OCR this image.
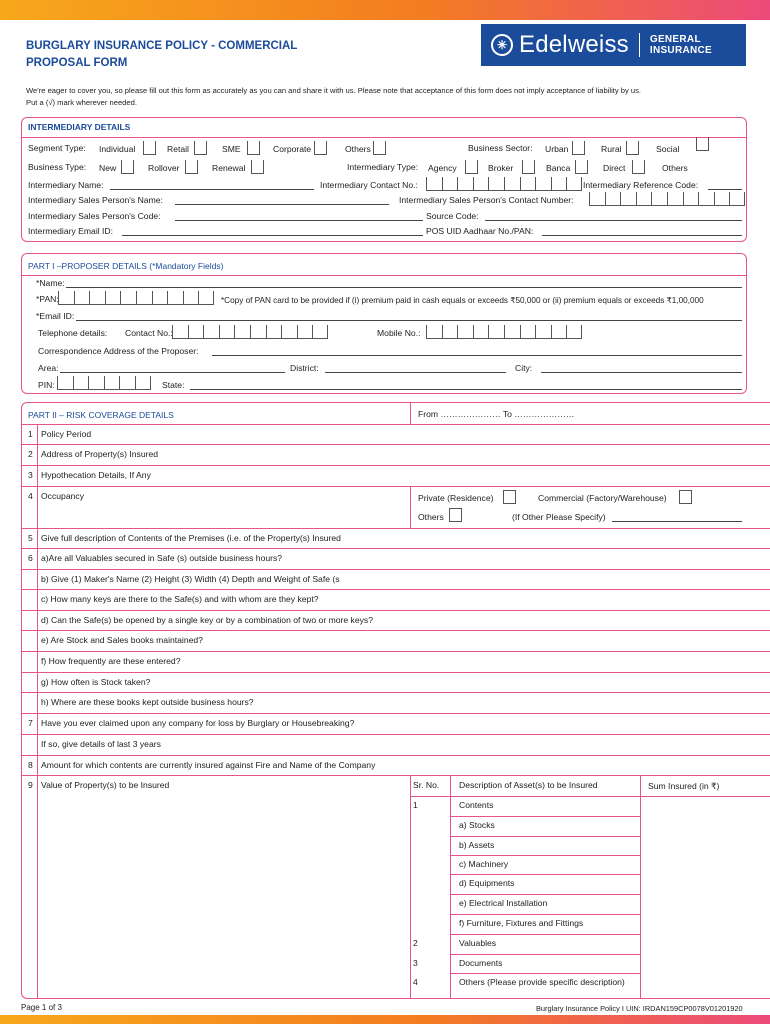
✳ Edelweiss GENERAL
INSURANCE
BURGLARY INSURANCE POLICY - COMMERCIAL
PROPOSAL FORM
We're eager to cover you, so please fill out this form as accurately as you can and share it with us. Please note that acceptance of this form does not imply acceptance of liability by us.
Put a (√) mark wherever needed.
INTERMEDIARY DETAILS
Segment Type: Individual	Retail	SME	Corporate	Others	Business Sector: Urban	Rural	Social
Business Type: New	Rollover	Renewal	Intermediary Type: Agency	Broker	Banca	Direct	Others
Intermediary Name:	Intermediary Contact No.:	Intermediary Reference Code:
Intermediary Sales Person's Name:	Intermediary Sales Person's Contact Number:
Intermediary Sales Person's Code:	Source Code:
Intermediary Email ID:	POS UID Aadhaar No./PAN:
PART I –PROPOSER DETAILS (*Mandatory Fields)
*Name:
*PAN:	*Copy of PAN card to be provided if (i) premium paid in cash equals or exceeds ₹50,000 or (ii) premium equals or exceeds ₹1,00,000
*Email ID:
Telephone details: Contact No.:	Mobile No.:
Correspondence Address of the Proposer:
Area:	District:	City:
PIN:	State:
PART II – RISK COVERAGE DETAILS	From ………………… To …………………
1 Policy Period
2 Address of Property(s) Insured
3 Hypothecation Details, If Any
4 Occupancy
5 Give full description of Contents of the Premises (i.e. of the Property(s) Insured
6 a)Are all Valuables secured in Safe (s) outside business hours?
b) Give (1) Maker's Name (2) Height (3) Width (4) Depth and Weight of Safe (s
c) How many keys are there to the Safe(s) and with whom are they kept?
d) Can the Safe(s) be opened by a single key or by a combination of two or more keys?
e) Are Stock and Sales books maintained?
f) How frequently are these entered?
g) How often is Stock taken?
h) Where are these books kept outside business hours?
7 Have you ever claimed upon any company for loss by Burglary or Housebreaking?
If so, give details of last 3 years
8 Amount for which contents are currently insured against Fire and Name of the Company
9 Value of Property(s) to be Insured
Private (Residence)	Commercial (Factory/Warehouse)
Others	(If Other Please Specify)
Sr. No. Description of Asset(s) to be Insured	Sum Insured (in ₹)
1	Contents
a) Stocks
b) Assets
c) Machinery
d) Equipments
e) Electrical Installation
f) Furniture, Fixtures and Fittings
2	Valuables
3	Documents
4	Others (Please provide specific description)
Page 1 of 3	Burglary Insurance Policy I UIN: IRDAN159CP0078V01201920
